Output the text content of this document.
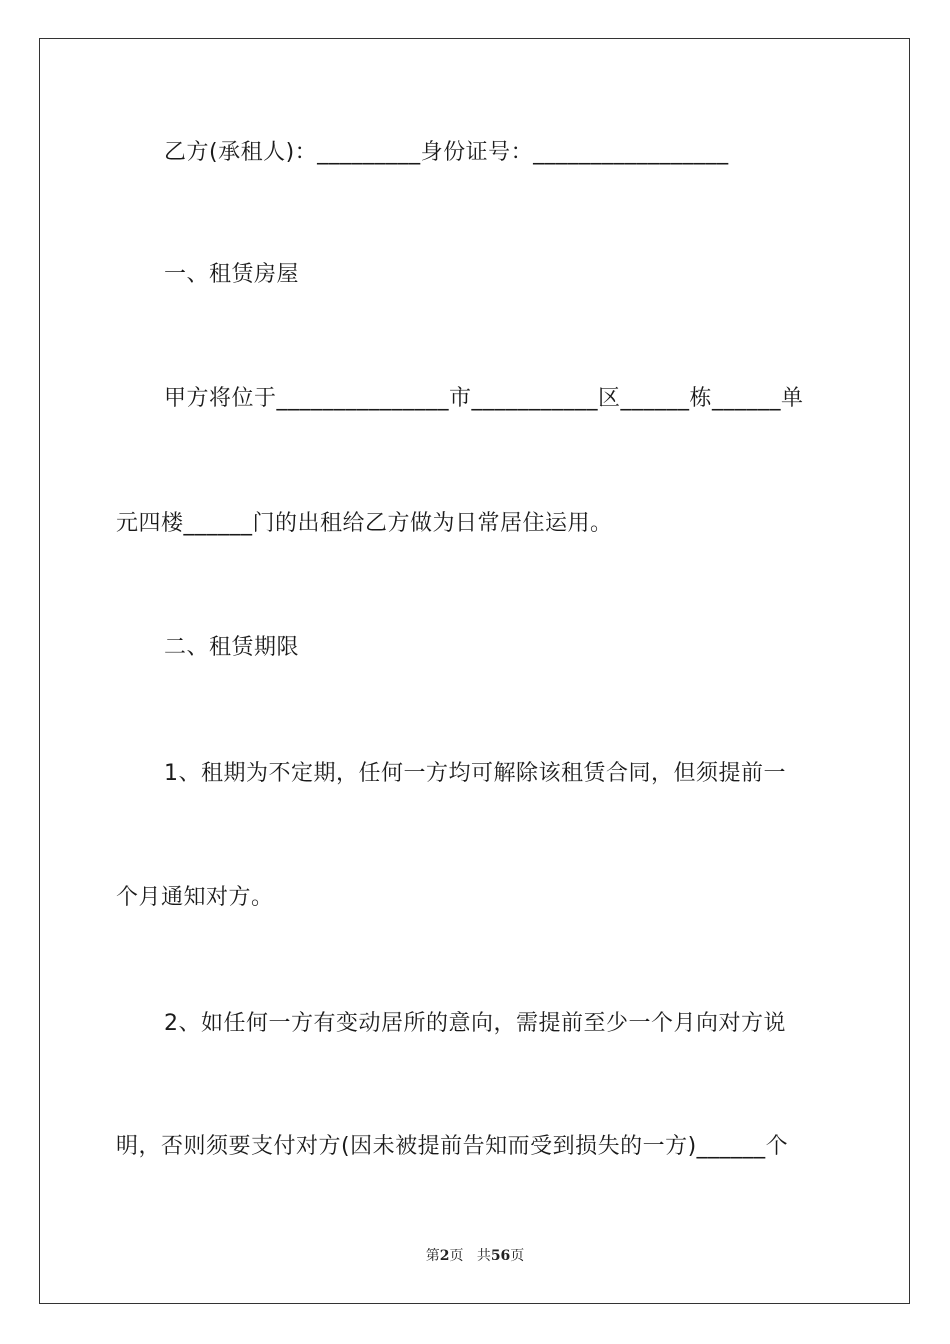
乙方(承租人)：_________身份证号：_________________
一、租赁房屋
甲方将位于_______________市___________区______栋______单
元四楼______门的出租给乙方做为日常居住运用。
二、租赁期限
1、租期为不定期，任何一方均可解除该租赁合同，但须提前一
个月通知对方。
2、如任何一方有变动居所的意向，需提前至少一个月向对方说
明，否则须要支付对方(因未被提前告知而受到损失的一方)______个
第2页 共56页
